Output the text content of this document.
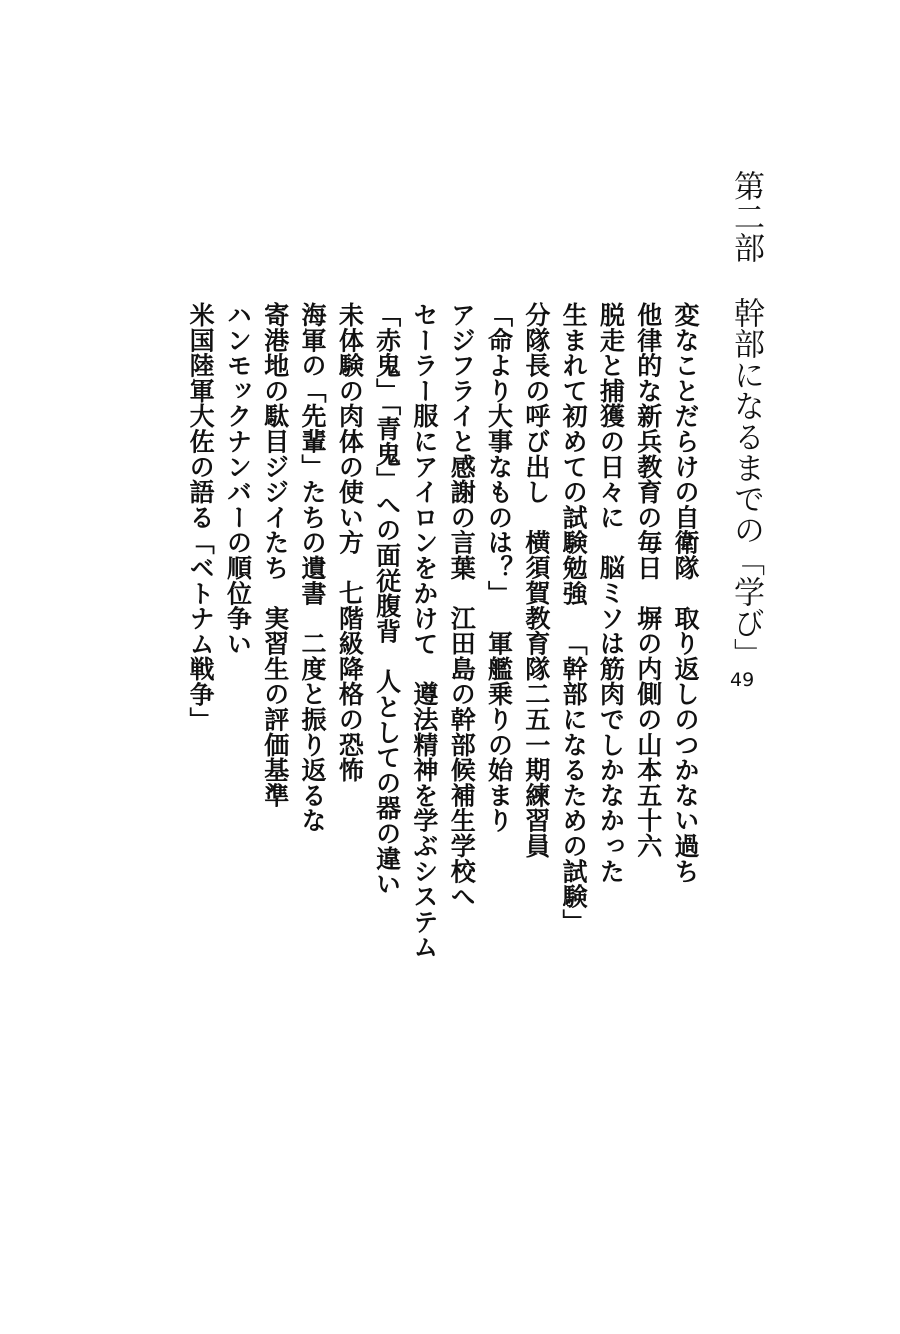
第二部幹部になるまでの「学び」
49
変なことだらけの自衛隊取り返しのつかない過ち
他律的な新兵教育の毎日塀の内側の山本五十六
脱走と捕獲の日々に脳ミソは筋肉でしかなかった
生まれて初めての試験勉強「幹部になるための試験」
分隊長の呼び出し横須賀教育隊二五一期練習員
「命より大事なものは？」軍艦乗りの始まり
アジフライと感謝の言葉江田島の幹部候補生学校へ
セーラー服にアイロンをかけて遵法精神を学ぶシステム
「赤鬼」「青鬼」への面従腹背人としての器の違い
未体験の肉体の使い方七階級降格の恐怖
海軍の「先輩」たちの遺書二度と振り返るな
寄港地の駄目ジジイたち実習生の評価基準
ハンモックナンバーの順位争い
米国陸軍大佐の語る「ベトナム戦争」
